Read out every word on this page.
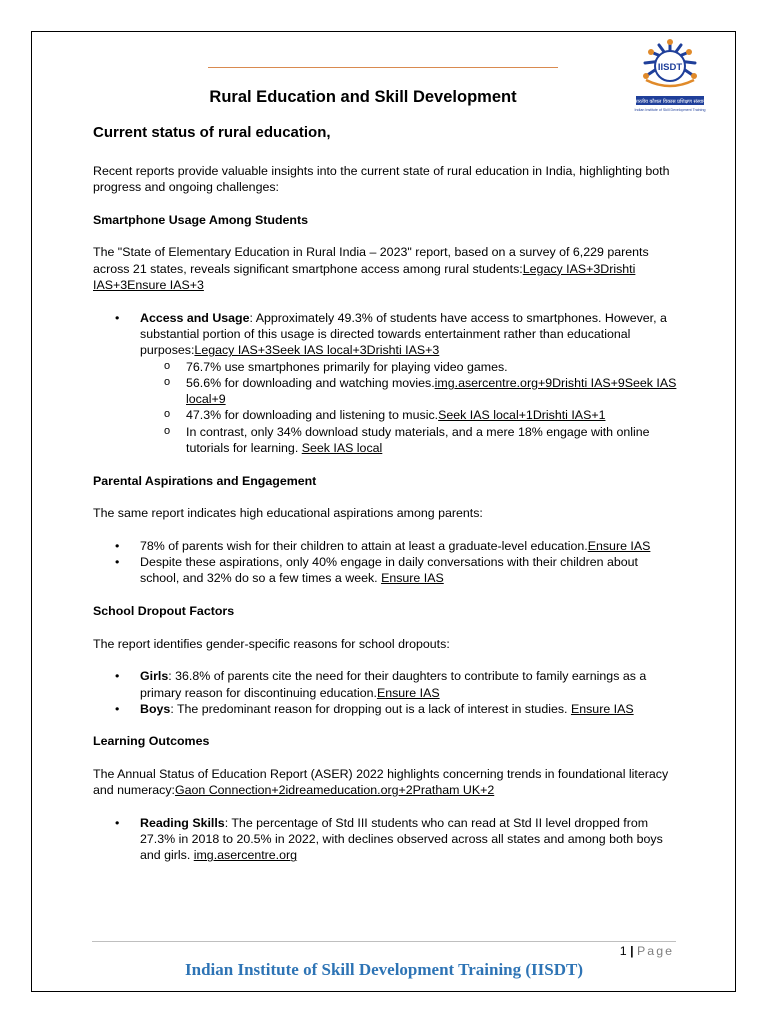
IISDT
भारतीय कौशल विकास प्रशिक्षण संस्थान
Indian Institute of Skill Development Training
Rural Education and Skill Development
Current status of rural education,

Recent reports provide valuable insights into the current state of rural education in India, highlighting both progress and ongoing challenges:

Smartphone Usage Among Students

The "State of Elementary Education in Rural India – 2023" report, based on a survey of 6,229 parents across 21 states, reveals significant smartphone access among rural students:Legacy IAS+3Drishti IAS+3Ensure IAS+3

• Access and Usage: Approximately 49.3% of students have access to smartphones. However, a substantial portion of this usage is directed towards entertainment rather than educational purposes:Legacy IAS+3Seek IAS local+3Drishti IAS+3
o 76.7% use smartphones primarily for playing video games.
o 56.6% for downloading and watching movies.img.asercentre.org+9Drishti IAS+9Seek IAS local+9
o 47.3% for downloading and listening to music.Seek IAS local+1Drishti IAS+1
o In contrast, only 34% download study materials, and a mere 18% engage with online tutorials for learning. Seek IAS local

Parental Aspirations and Engagement

The same report indicates high educational aspirations among parents:

• 78% of parents wish for their children to attain at least a graduate-level education.Ensure IAS
• Despite these aspirations, only 40% engage in daily conversations with their children about school, and 32% do so a few times a week. Ensure IAS

School Dropout Factors

The report identifies gender-specific reasons for school dropouts:

• Girls: 36.8% of parents cite the need for their daughters to contribute to family earnings as a primary reason for discontinuing education.Ensure IAS
• Boys: The predominant reason for dropping out is a lack of interest in studies. Ensure IAS

Learning Outcomes

The Annual Status of Education Report (ASER) 2022 highlights concerning trends in foundational literacy and numeracy:Gaon Connection+2idreameducation.org+2Pratham UK+2

• Reading Skills: The percentage of Std III students who can read at Std II level dropped from 27.3% in 2018 to 20.5% in 2022, with declines observed across all states and among both boys and girls. img.asercentre.org
1 | Page
Indian Institute of Skill Development Training (IISDT)
